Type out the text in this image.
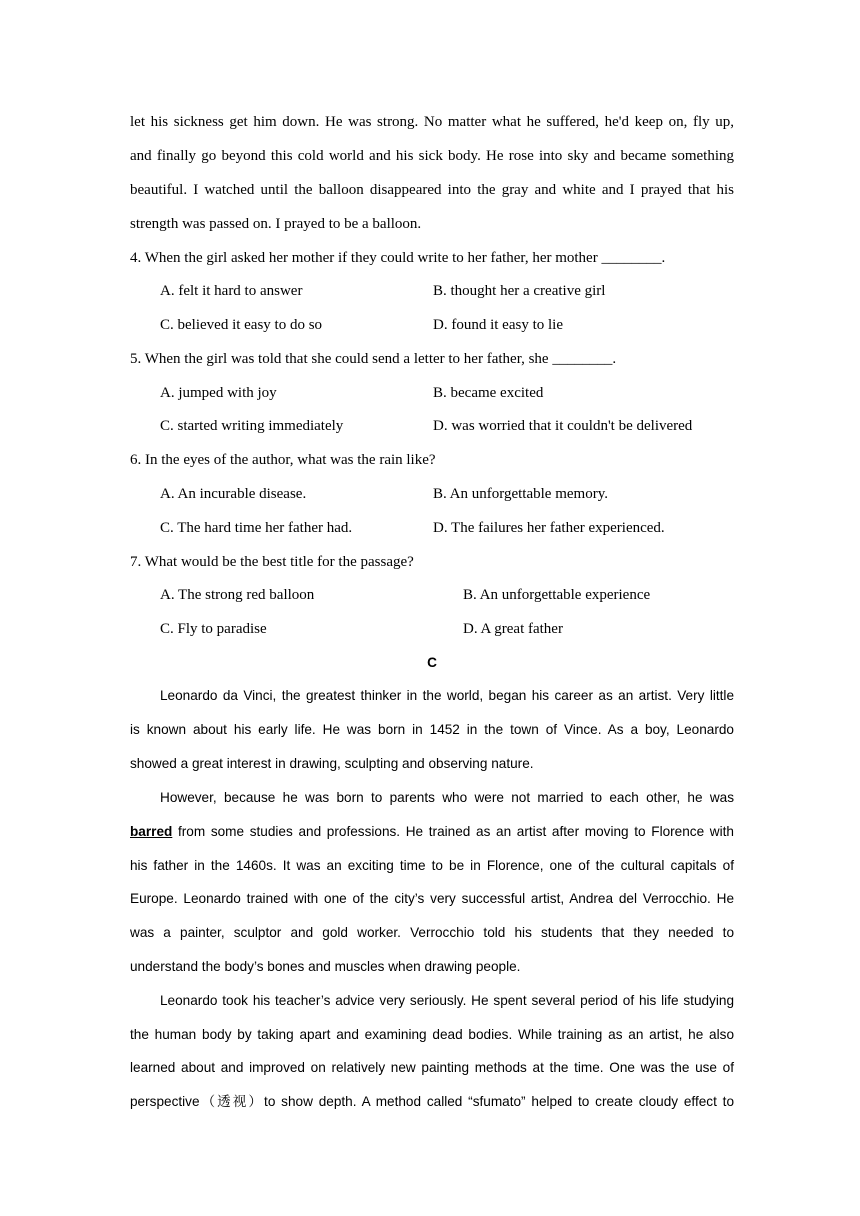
let his sickness get him down. He was strong. No matter what he suffered, he'd keep on, fly up,
and finally go beyond this cold world and his sick body. He rose into sky and became something
beautiful. I watched until the balloon disappeared into the gray and white and I prayed that his
strength was passed on. I prayed to be a balloon.
4. When the girl asked her mother if they could write to her father, her mother ________.
A. felt it hard to answer	B. thought her a creative girl
C. believed it easy to do so	D. found it easy to lie
5. When the girl was told that she could send a letter to her father, she ________.
A. jumped with joy	B. became excited
C. started writing immediately	D. was worried that it couldn't be delivered
6. In the eyes of the author, what was the rain like?
A. An incurable disease.	B. An unforgettable memory.
C. The hard time her father had.	D. The failures her father experienced.
7. What would be the best title for the passage?
A. The strong red balloon	B. An unforgettable experience
C. Fly to paradise	D. A great father
C
Leonardo da Vinci, the greatest thinker in the world, began his career as an artist. Very little
is known about his early life. He was born in 1452 in the town of Vince. As a boy, Leonardo
showed a great interest in drawing, sculpting and observing nature.
However, because he was born to parents who were not married to each other, he was
barred from some studies and professions. He trained as an artist after moving to Florence with
his father in the 1460s. It was an exciting time to be in Florence, one of the cultural capitals of
Europe. Leonardo trained with one of the city’s very successful artist, Andrea del Verrocchio. He
was a painter, sculptor and gold worker. Verrocchio told his students that they needed to
understand the body’s bones and muscles when drawing people.
Leonardo took his teacher’s advice very seriously. He spent several period of his life studying
the human body by taking apart and examining dead bodies. While training as an artist, he also
learned about and improved on relatively new painting methods at the time. One was the use of
perspective（透视）to show depth. A method called “sfumato” helped to create cloudy effect to
